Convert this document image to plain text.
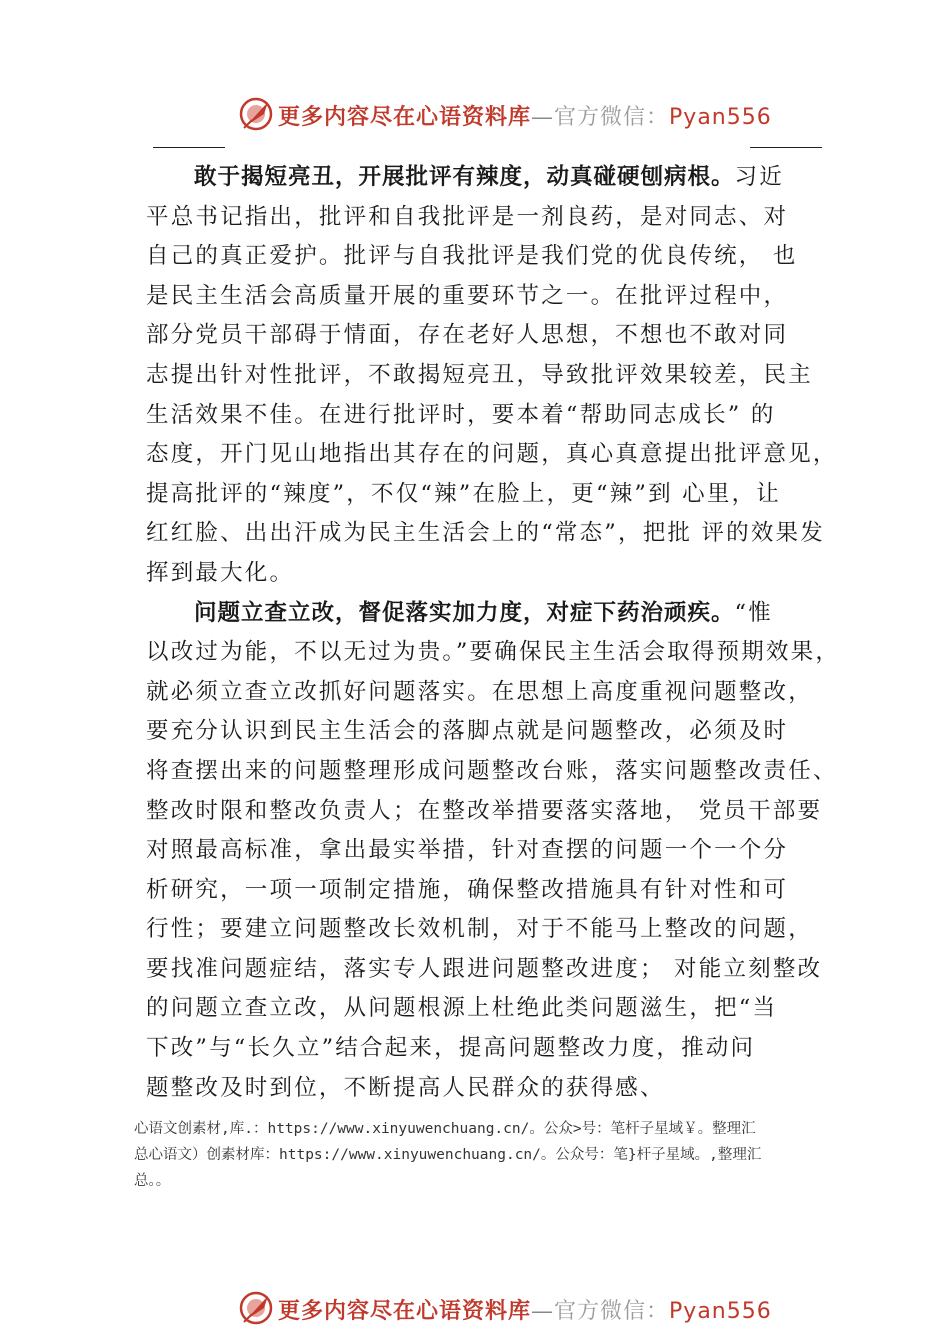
更多内容尽在心语资料库—官方微信：Pyan556
敢于揭短亮丑，开展批评有辣度，动真碰硬刨病根。习近
平总书记指出，批评和自我批评是一剂良药，是对同志、对
自己的真正爱护。批评与自我批评是我们党的优良传统， 也
是民主生活会高质量开展的重要环节之一。在批评过程中，
部分党员干部碍于情面，存在老好人思想，不想也不敢对同
志提出针对性批评，不敢揭短亮丑，导致批评效果较差，民主
生活效果不佳。在进行批评时，要本着“帮助同志成长” 的
态度，开门见山地指出其存在的问题，真心真意提出批评意见，
提高批评的“辣度”，不仅“辣”在脸上，更“辣”到 心里，让
红红脸、出出汗成为民主生活会上的“常态”，把批 评的效果发
挥到最大化。
问题立查立改，督促落实加力度，对症下药治顽疾。“惟
以改过为能，不以无过为贵。”要确保民主生活会取得预期效果，
就必须立查立改抓好问题落实。在思想上高度重视问题整改，
要充分认识到民主生活会的落脚点就是问题整改，必须及时
将查摆出来的问题整理形成问题整改台账，落实问题整改责任、
整改时限和整改负责人；在整改举措要落实落地， 党员干部要
对照最高标准，拿出最实举措，针对查摆的问题一个一个分
析研究，一项一项制定措施，确保整改措施具有针对性和可
行性；要建立问题整改长效机制，对于不能马上整改的问题，
要找准问题症结，落实专人跟进问题整改进度； 对能立刻整改
的问题立查立改，从问题根源上杜绝此类问题滋生，把“当
下改”与“长久立”结合起来，提高问题整改力度，推动问
题整改及时到位，不断提高人民群众的获得感、
心语文创素材,库.：https://www.xinyuwenchuang.cn/。公众>号：笔杆子星域￥。整理汇
总心语文）创素材库：https://www.xinyuwenchuang.cn/。公众号：笔}杆子星域。,整理汇
总。。
更多内容尽在心语资料库—官方微信：Pyan556
